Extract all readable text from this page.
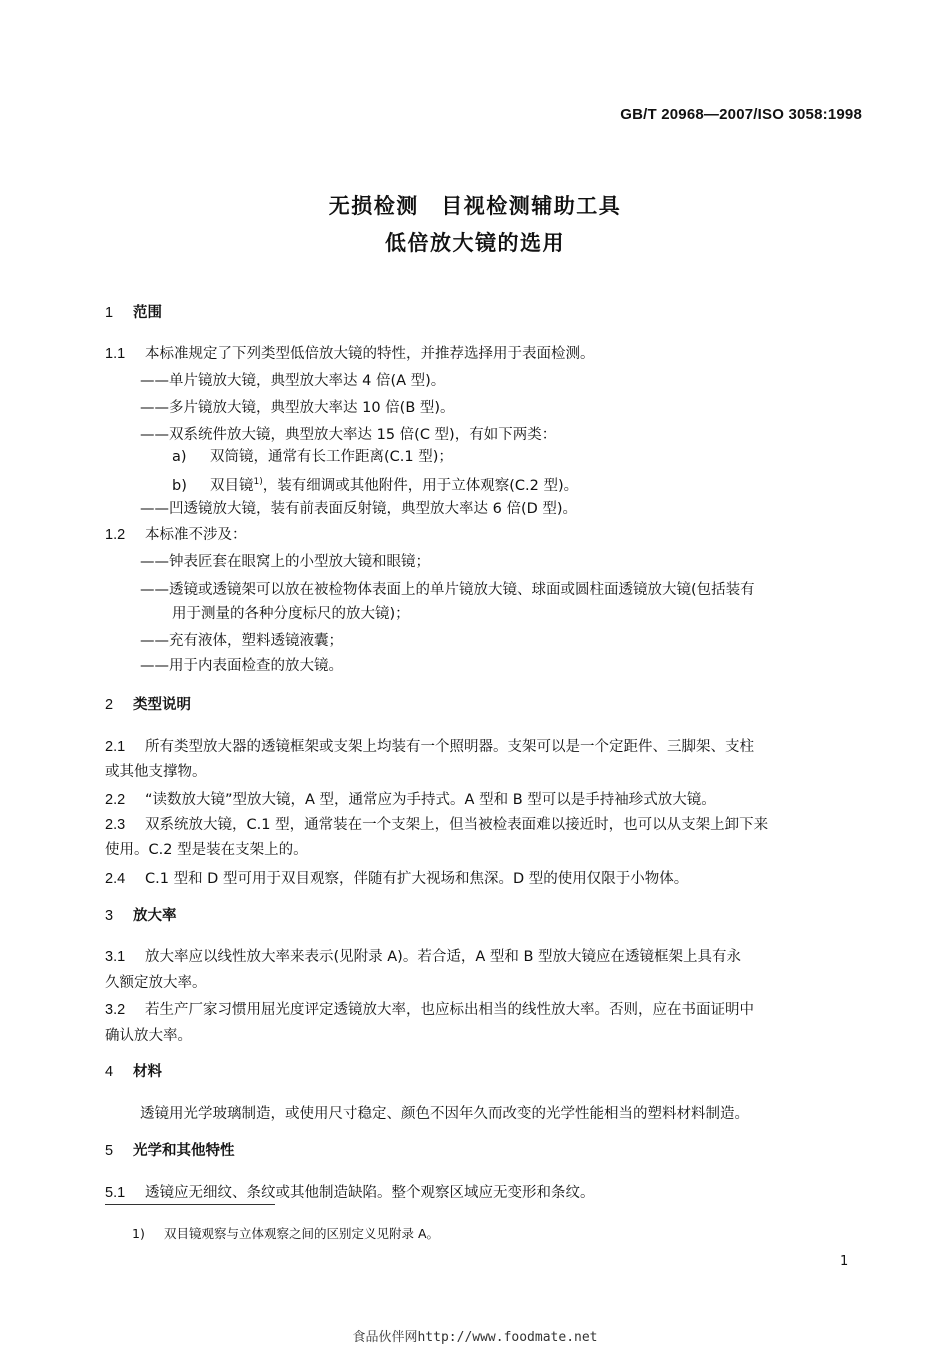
GB/T 20968—2007/ISO 3058:1998
无损检测　目视检测辅助工具
低倍放大镜的选用
1 范围
1.1 本标准规定了下列类型低倍放大镜的特性，并推荐选择用于表面检测。
——单片镜放大镜，典型放大率达 4 倍(A 型)。
——多片镜放大镜，典型放大率达 10 倍(B 型)。
——双系统件放大镜，典型放大率达 15 倍(C 型)，有如下两类：
a) 双筒镜，通常有长工作距离(C.1 型)；
b) 双目镜$^{1)}$，装有细调或其他附件，用于立体观察(C.2 型)。
——凹透镜放大镜，装有前表面反射镜，典型放大率达 6 倍(D 型)。
1.2 本标准不涉及：
——钟表匠套在眼窝上的小型放大镜和眼镜；
——透镜或透镜架可以放在被检物体表面上的单片镜放大镜、球面或圆柱面透镜放大镜(包括装有
用于测量的各种分度标尺的放大镜)；
——充有液体，塑料透镜液囊；
——用于内表面检查的放大镜。
2 类型说明
2.1 所有类型放大器的透镜框架或支架上均装有一个照明器。支架可以是一个定距件、三脚架、支柱
或其他支撑物。
2.2 “读数放大镜”型放大镜，A 型，通常应为手持式。A 型和 B 型可以是手持袖珍式放大镜。
2.3 双系统放大镜，C.1 型，通常装在一个支架上，但当被检表面难以接近时，也可以从支架上卸下来
使用。C.2 型是装在支架上的。
2.4 C.1 型和 D 型可用于双目观察，伴随有扩大视场和焦深。D 型的使用仅限于小物体。
3 放大率
3.1 放大率应以线性放大率来表示(见附录 A)。若合适，A 型和 B 型放大镜应在透镜框架上具有永
久额定放大率。
3.2 若生产厂家习惯用屈光度评定透镜放大率，也应标出相当的线性放大率。否则，应在书面证明中
确认放大率。
4 材料
透镜用光学玻璃制造，或使用尺寸稳定、颜色不因年久而改变的光学性能相当的塑料材料制造。
5 光学和其他特性
5.1 透镜应无细纹、条纹或其他制造缺陷。整个观察区域应无变形和条纹。
1) 双目镜观察与立体观察之间的区别定义见附录 A。
1
食品伙伴网http://www.foodmate.net
